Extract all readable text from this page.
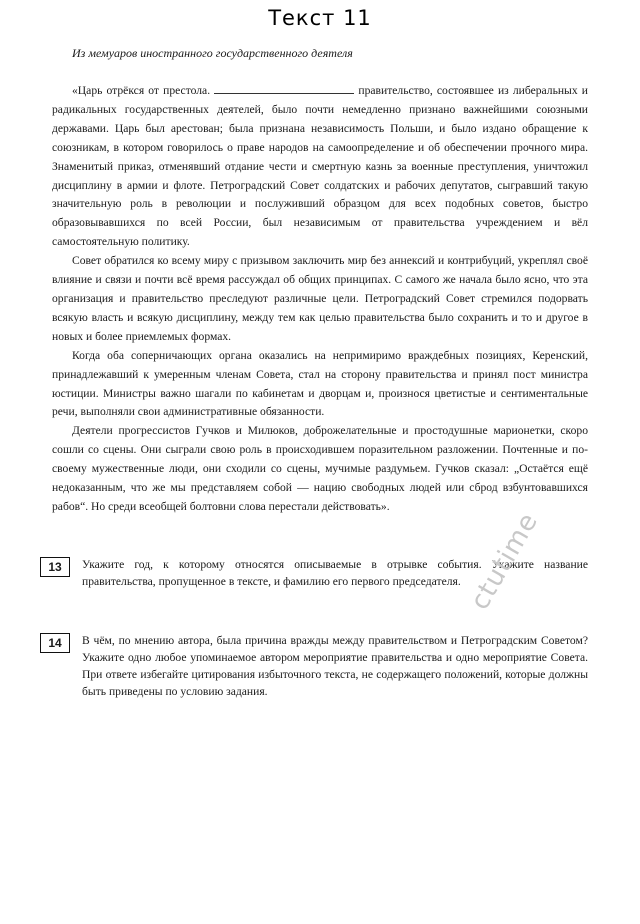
Текст 11
Из мемуаров иностранного государственного деятеля

«Царь отрёкся от престола.	правительство, состоявшее из либеральных и радикальных государственных деятелей, было почти немедленно признано важнейшими союзными державами. Царь был арестован; была признана независимость Польши, и было издано обращение к союзникам, в котором говорилось о праве народов на самоопределение и об обеспечении прочного мира. Знаменитый приказ, отменявший отдание чести и смертную казнь за военные преступления, уничтожил дисциплину в армии и флоте. Петроградский Совет солдатских и рабочих депутатов, сыгравший такую значительную роль в революции и послуживший образцом для всех подобных советов, быстро образовывавшихся по всей России, был независимым от правительства учреждением и вёл самостоятельную политику.

Совет обратился ко всему миру с призывом заключить мир без аннексий и контрибуций, укреплял своё влияние и связи и почти всё время рассуждал об общих принципах. С самого же начала было ясно, что эта организация и правительство преследуют различные цели. Петроградский Совет стремился подорвать всякую власть и всякую дисциплину, между тем как целью правительства было сохранить и то и другое в новых и более приемлемых формах.

Когда оба соперничающих органа оказались на непримиримо враждебных позициях, Керенский, принадлежавший к умеренным членам Совета, стал на сторону правительства и принял пост министра юстиции. Министры важно шагали по кабинетам и дворцам и, произнося цветистые и сентиментальные речи, выполняли свои административные обязанности.

Деятели прогрессистов Гучков и Милюков, доброжелательные и простодушные марионетки, скоро сошли со сцены. Они сыграли свою роль в происходившем поразительном разложении. Почтенные и по-своему мужественные люди, они сходили со сцены, мучимые раздумьем. Гучков сказал: „Остаётся ещё недоказанным, что же мы представляем собой — нацию свободных людей или сброд взбунтовавшихся рабов“. Но среди всеобщей болтовни слова перестали действовать».

13	Укажите год, к которому относятся описываемые в отрывке события. Укажите название правительства, пропущенное в тексте, и фамилию его первого председателя.
14	В чём, по мнению автора, была причина вражды между правительством и Петроградским Советом? Укажите одно любое упоминаемое автором мероприятие правительства и одно мероприятие Совета. При ответе избегайте цитирования избыточного текста, не содержащего положений, которые должны быть приведены по условию задания.
ctutime
